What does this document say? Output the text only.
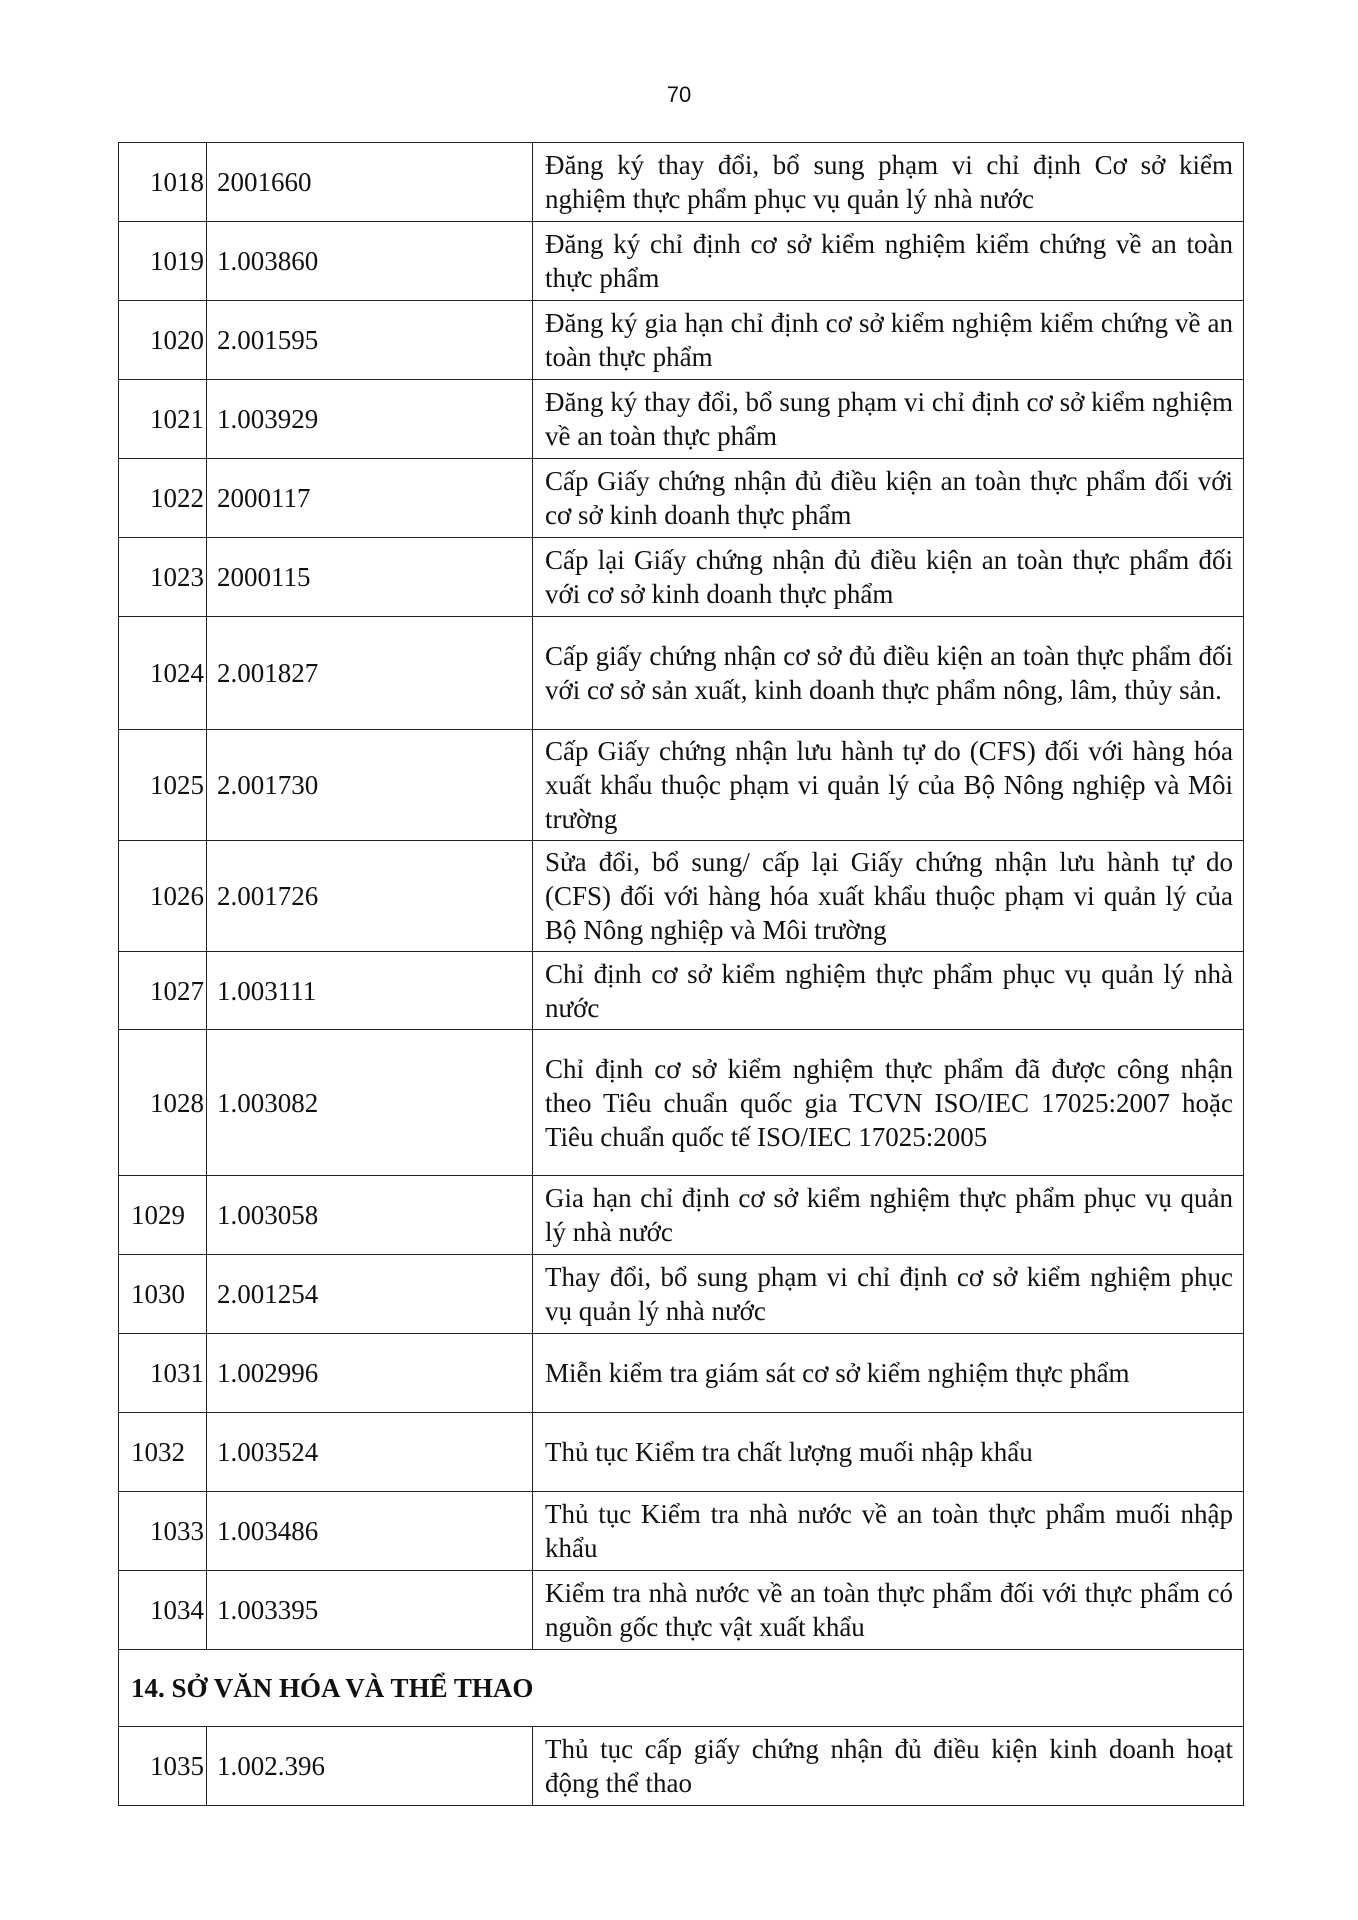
70
1018	2001660	Đăng ký thay đổi, bổ sung phạm vi chỉ định Cơ sở kiểm nghiệm thực phẩm phục vụ quản lý nhà nước
1019	1.003860	Đăng ký chỉ định cơ sở kiểm nghiệm kiểm chứng về an toàn thực phẩm
1020	2.001595	Đăng ký gia hạn chỉ định cơ sở kiểm nghiệm kiểm chứng về an toàn thực phẩm
1021	1.003929	Đăng ký thay đổi, bổ sung phạm vi chỉ định cơ sở kiểm nghiệm về an toàn thực phẩm
1022	2000117	Cấp Giấy chứng nhận đủ điều kiện an toàn thực phẩm đối với cơ sở kinh doanh thực phẩm
1023	2000115	Cấp lại Giấy chứng nhận đủ điều kiện an toàn thực phẩm đối với cơ sở kinh doanh thực phẩm
1024	2.001827	Cấp giấy chứng nhận cơ sở đủ điều kiện an toàn thực phẩm đối với cơ sở sản xuất, kinh doanh thực phẩm nông, lâm, thủy sản.
1025	2.001730	Cấp Giấy chứng nhận lưu hành tự do (CFS) đối với hàng hóa xuất khẩu thuộc phạm vi quản lý của Bộ Nông nghiệp và Môi trường
1026	2.001726	Sửa đổi, bổ sung/ cấp lại Giấy chứng nhận lưu hành tự do (CFS) đối với hàng hóa xuất khẩu thuộc phạm vi quản lý của Bộ Nông nghiệp và Môi trường
1027	1.003111	Chỉ định cơ sở kiểm nghiệm thực phẩm phục vụ quản lý nhà nước
1028	1.003082	Chỉ định cơ sở kiểm nghiệm thực phẩm đã được công nhận theo Tiêu chuẩn quốc gia TCVN ISO/IEC 17025:2007 hoặc Tiêu chuẩn quốc tế ISO/IEC 17025:2005
1029	1.003058	Gia hạn chỉ định cơ sở kiểm nghiệm thực phẩm phục vụ quản lý nhà nước
1030	2.001254	Thay đổi, bổ sung phạm vi chỉ định cơ sở kiểm nghiệm phục vụ quản lý nhà nước
1031	1.002996	Miễn kiểm tra giám sát cơ sở kiểm nghiệm thực phẩm
1032	1.003524	Thủ tục Kiểm tra chất lượng muối nhập khẩu
1033	1.003486	Thủ tục Kiểm tra nhà nước về an toàn thực phẩm muối nhập khẩu
1034	1.003395	Kiểm tra nhà nước về an toàn thực phẩm đối với thực phẩm có nguồn gốc thực vật xuất khẩu
14. SỞ VĂN HÓA VÀ THỂ THAO		
1035	1.002.396	Thủ tục cấp giấy chứng nhận đủ điều kiện kinh doanh hoạt động thể thao
